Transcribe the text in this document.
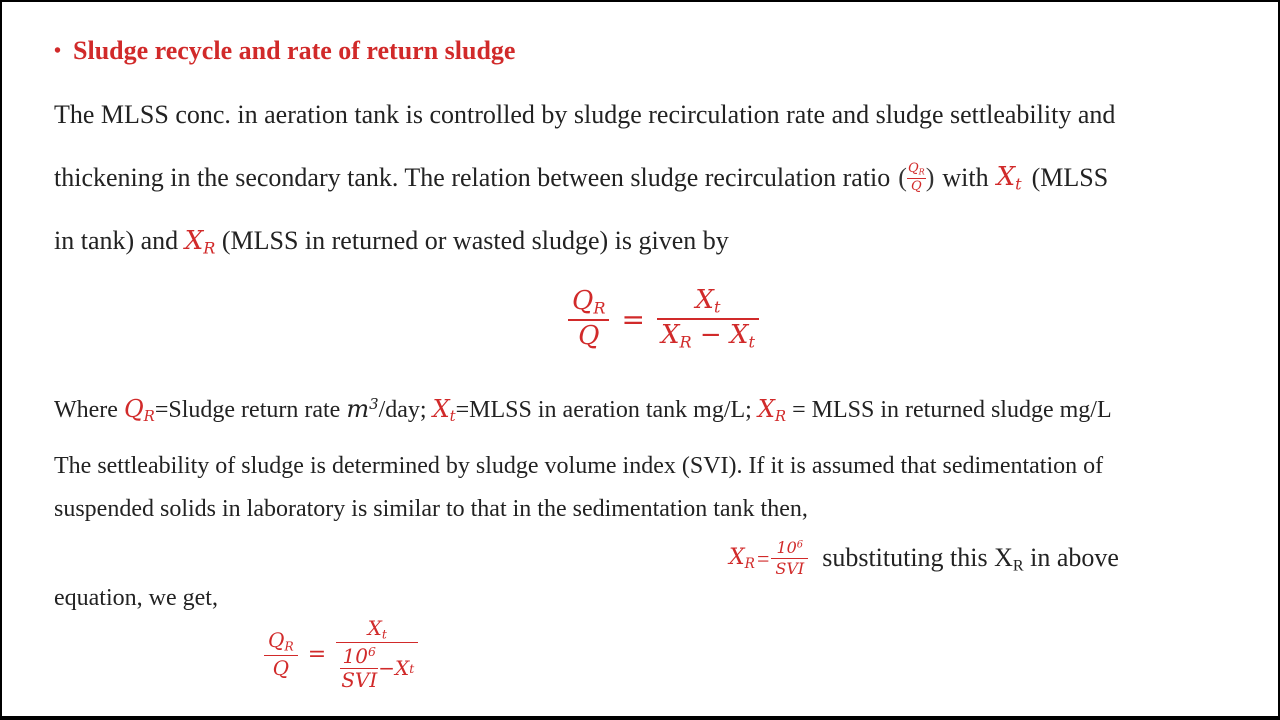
• Sludge recycle and rate of return sludge
The MLSS conc. in aeration tank is controlled by sludge recirculation rate and sludge settleability and
thickening in the secondary tank. The relation between sludge recirculation ratio ( $\frac{Q_R}{Q}$ ) with $X_t$ (MLSS
in tank) and $X_R$ (MLSS in returned or wasted sludge) is given by
$\frac{Q_R}{Q} = \frac{X_t}{X_R - X_t}$
Where $Q_R=Sludge$ return rate $m^3$/day; $X_t=MLSS$ in aeration tank mg/L; $X_R$ = MLSS in returned sludge mg/L
The settleability of sludge is determined by sludge volume index (SVI). If it is assumed that sedimentation of
suspended solids in laboratory is similar to that in the sedimentation tank then,
$X_R = \frac{10^6}{\text{SVI}}$ substituting this $X_R$ in above
equation, we get,
$\frac{Q_R}{Q} = \frac{X_t}{\frac{10^6}{\text{SVI}} - X t}$
